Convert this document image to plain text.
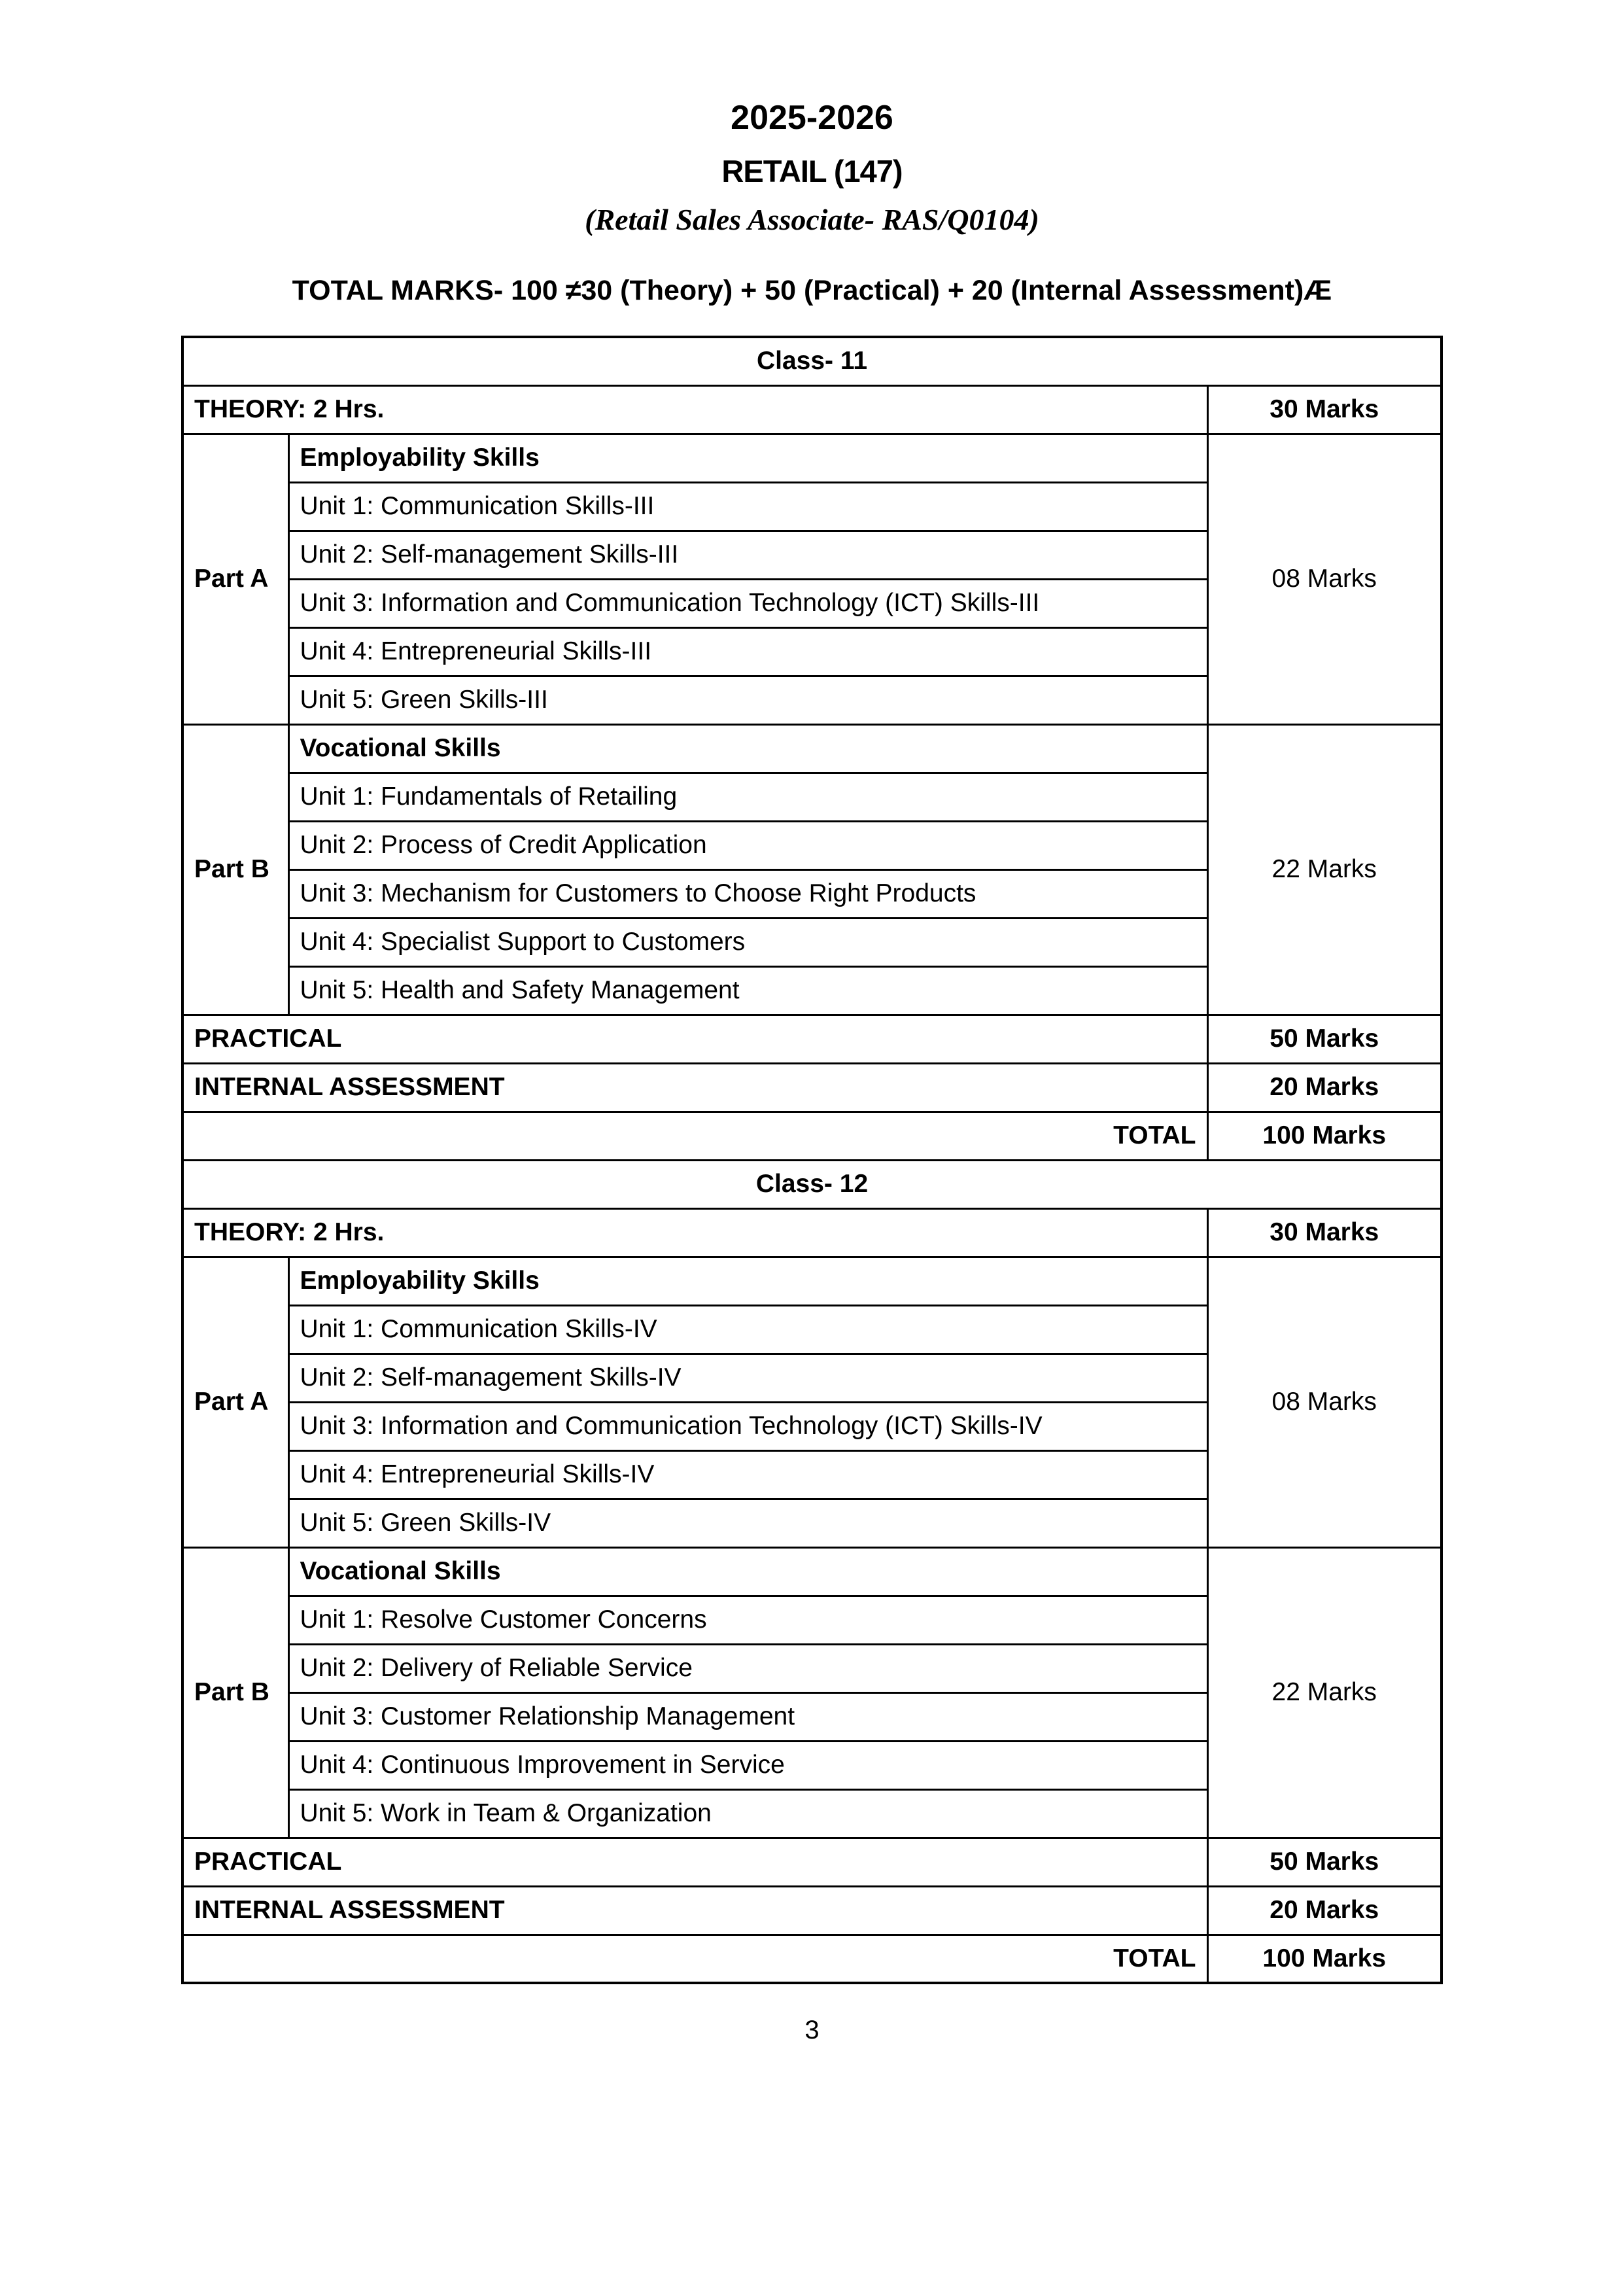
2025-2026
RETAIL (147)
(Retail Sales Associate- RAS/Q0104)
TOTAL MARKS- 100 ≠30 (Theory) + 50 (Practical) + 20 (Internal Assessment)Æ
Class- 11		
THEORY: 2 Hrs.		30 Marks
Part A	Employability Skills	08 Marks
	Unit 1: Communication Skills-III	
	Unit 2: Self-management Skills-III	
	Unit 3: Information and Communication Technology (ICT) Skills-III	
	Unit 4: Entrepreneurial Skills-III	
	Unit 5: Green Skills-III	
Part B	Vocational Skills	22 Marks
	Unit 1: Fundamentals of Retailing	
	Unit 2: Process of Credit Application	
	Unit 3: Mechanism for Customers to Choose Right Products	
	Unit 4: Specialist Support to Customers	
	Unit 5: Health and Safety Management	
PRACTICAL		50 Marks
INTERNAL ASSESSMENT		20 Marks
TOTAL		100 Marks
Class- 12		
THEORY: 2 Hrs.		30 Marks
Part A	Employability Skills	08 Marks
	Unit 1: Communication Skills-IV	
	Unit 2: Self-management Skills-IV	
	Unit 3: Information and Communication Technology (ICT) Skills-IV	
	Unit 4: Entrepreneurial Skills-IV	
	Unit 5: Green Skills-IV	
Part B	Vocational Skills	22 Marks
	Unit 1: Resolve Customer Concerns	
	Unit 2: Delivery of Reliable Service	
	Unit 3: Customer Relationship Management	
	Unit 4: Continuous Improvement in Service	
	Unit 5: Work in Team & Organization	
PRACTICAL		50 Marks
INTERNAL ASSESSMENT		20 Marks
TOTAL		100 Marks
3
